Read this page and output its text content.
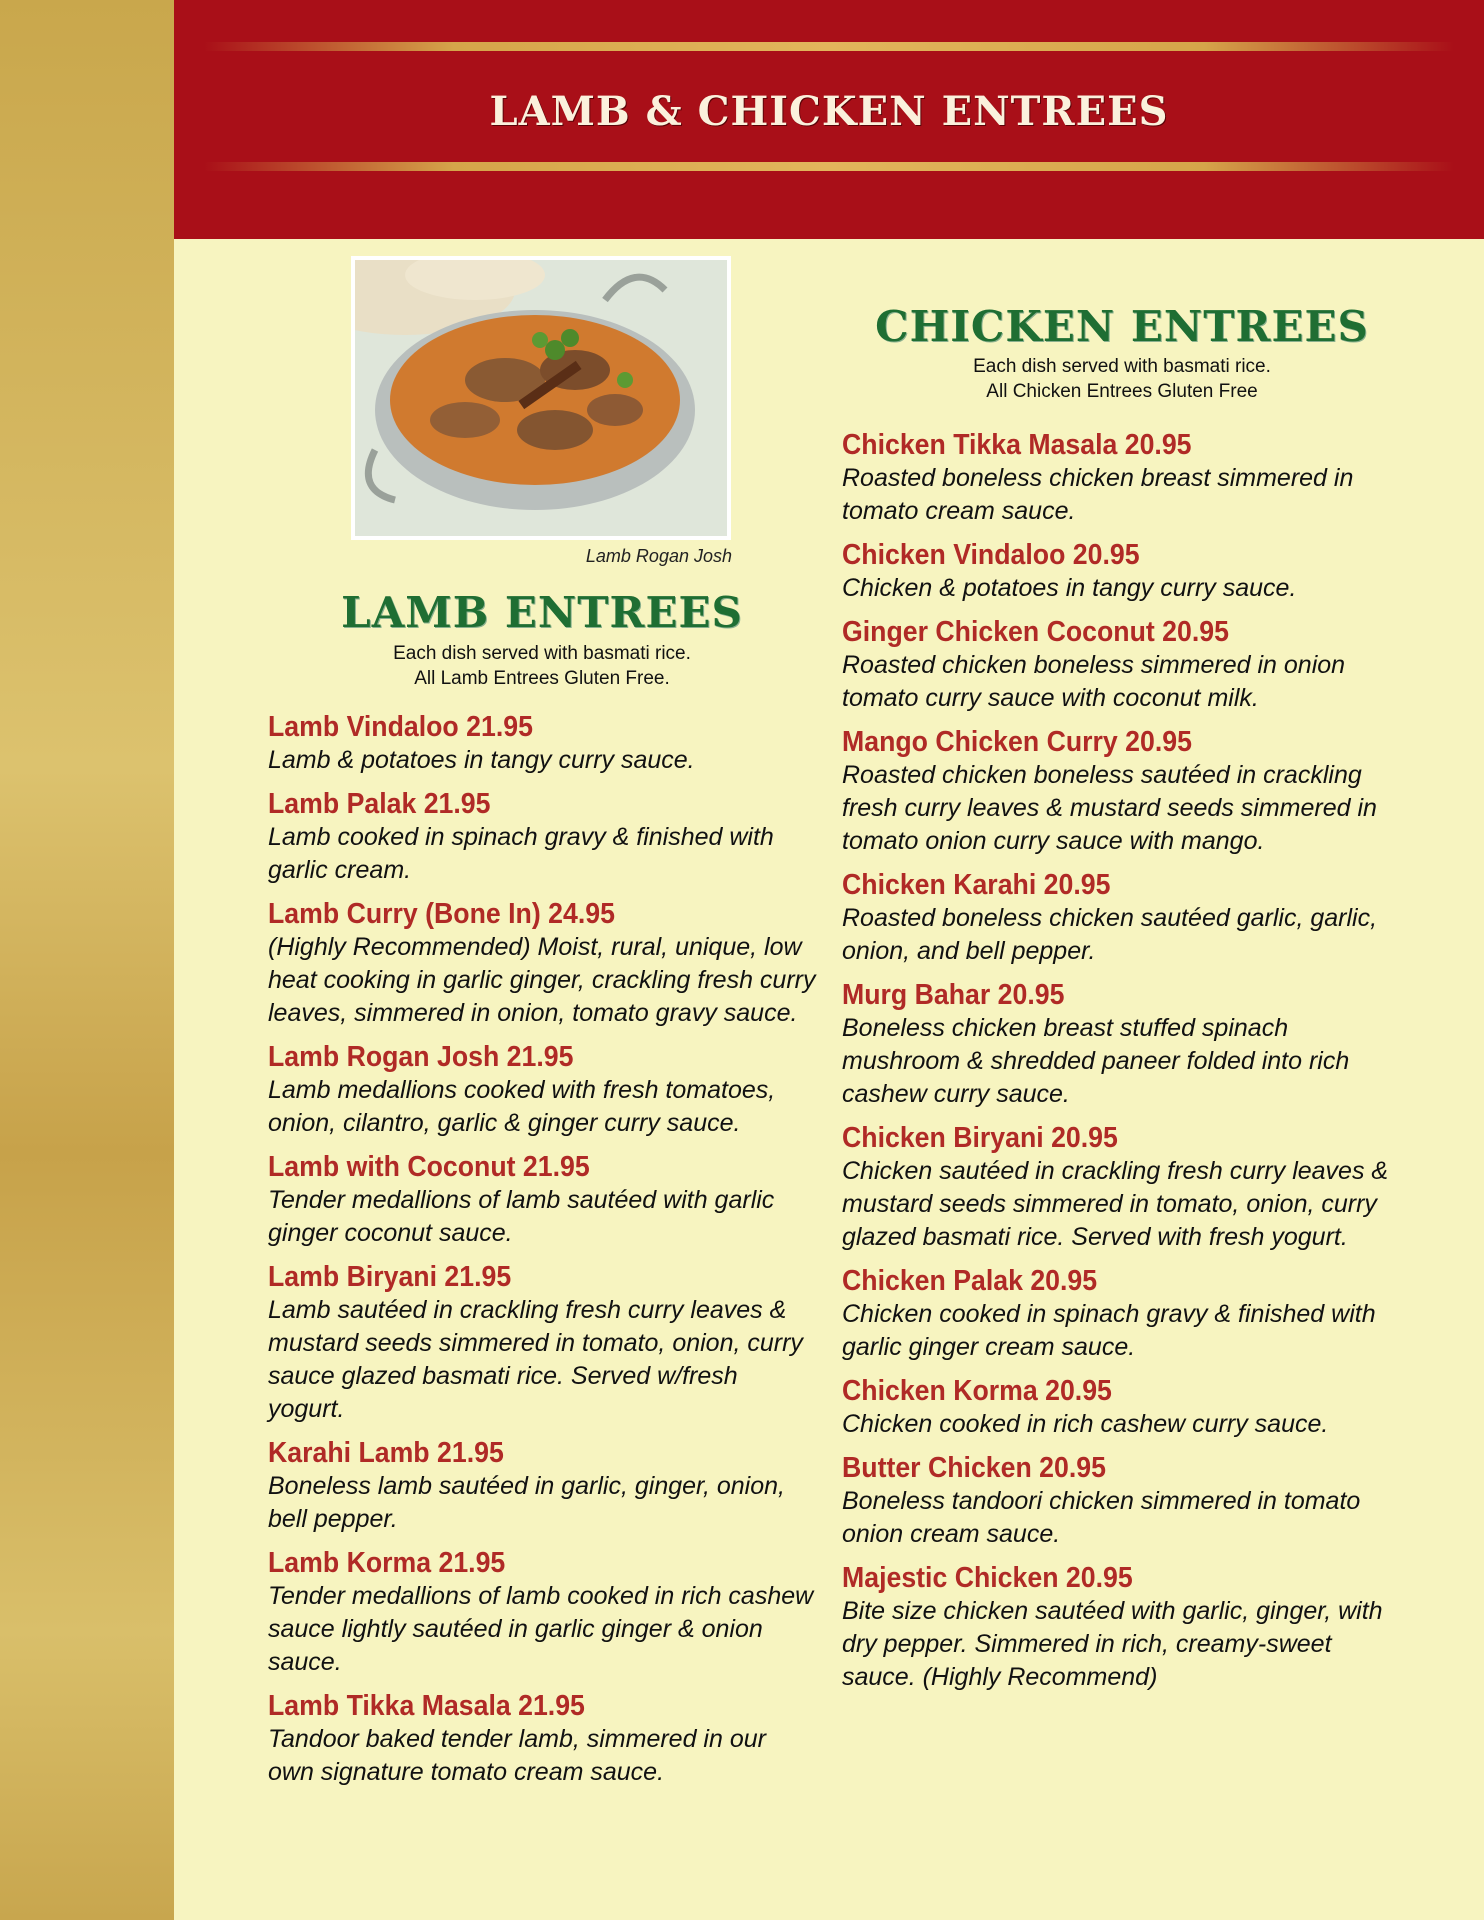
LAMB & CHICKEN ENTREES
Lamb Rogan Josh
LAMB ENTREES
Each dish served with basmati rice.
All Lamb Entrees Gluten Free.
CHICKEN ENTREES
Each dish served with basmati rice.
All Chicken Entrees Gluten Free
Lamb Vindaloo 21.95
Lamb & potatoes in tangy curry sauce.
Lamb Palak 21.95
Lamb cooked in spinach gravy & finished with garlic cream.
Lamb Curry (Bone In) 24.95
(Highly Recommended) Moist, rural, unique, low heat cooking in garlic ginger, crackling fresh curry leaves, simmered in onion, tomato gravy sauce.
Lamb Rogan Josh 21.95
Lamb medallions cooked with fresh tomatoes, onion, cilantro, garlic & ginger curry sauce.
Lamb with Coconut 21.95
Tender medallions of lamb sautéed with garlic ginger coconut sauce.
Lamb Biryani 21.95
Lamb sautéed in crackling fresh curry leaves & mustard seeds simmered in tomato, onion, curry sauce glazed basmati rice. Served w/fresh yogurt.
Karahi Lamb 21.95
Boneless lamb sautéed in garlic, ginger, onion, bell pepper.
Lamb Korma 21.95
Tender medallions of lamb cooked in rich cashew sauce lightly sautéed in garlic ginger & onion sauce.
Lamb Tikka Masala 21.95
Tandoor baked tender lamb, simmered in our own signature tomato cream sauce.
Chicken Tikka Masala 20.95
Roasted boneless chicken breast simmered in tomato cream sauce.
Chicken Vindaloo 20.95
Chicken & potatoes in tangy curry sauce.
Ginger Chicken Coconut 20.95
Roasted chicken boneless simmered in onion tomato curry sauce with coconut milk.
Mango Chicken Curry 20.95
Roasted chicken boneless sautéed in crackling fresh curry leaves & mustard seeds simmered in tomato onion curry sauce with mango.
Chicken Karahi 20.95
Roasted boneless chicken sautéed garlic, garlic, onion, and bell pepper.
Murg Bahar 20.95
Boneless chicken breast stuffed spinach mushroom & shredded paneer folded into rich cashew curry sauce.
Chicken Biryani 20.95
Chicken sautéed in crackling fresh curry leaves & mustard seeds simmered in tomato, onion, curry glazed basmati rice. Served with fresh yogurt.
Chicken Palak 20.95
Chicken cooked in spinach gravy & finished with garlic ginger cream sauce.
Chicken Korma 20.95
Chicken cooked in rich cashew curry sauce.
Butter Chicken 20.95
Boneless tandoori chicken simmered in tomato onion cream sauce.
Majestic Chicken 20.95
Bite size chicken sautéed with garlic, ginger, with dry pepper. Simmered in rich, creamy-sweet sauce. (Highly Recommend)
